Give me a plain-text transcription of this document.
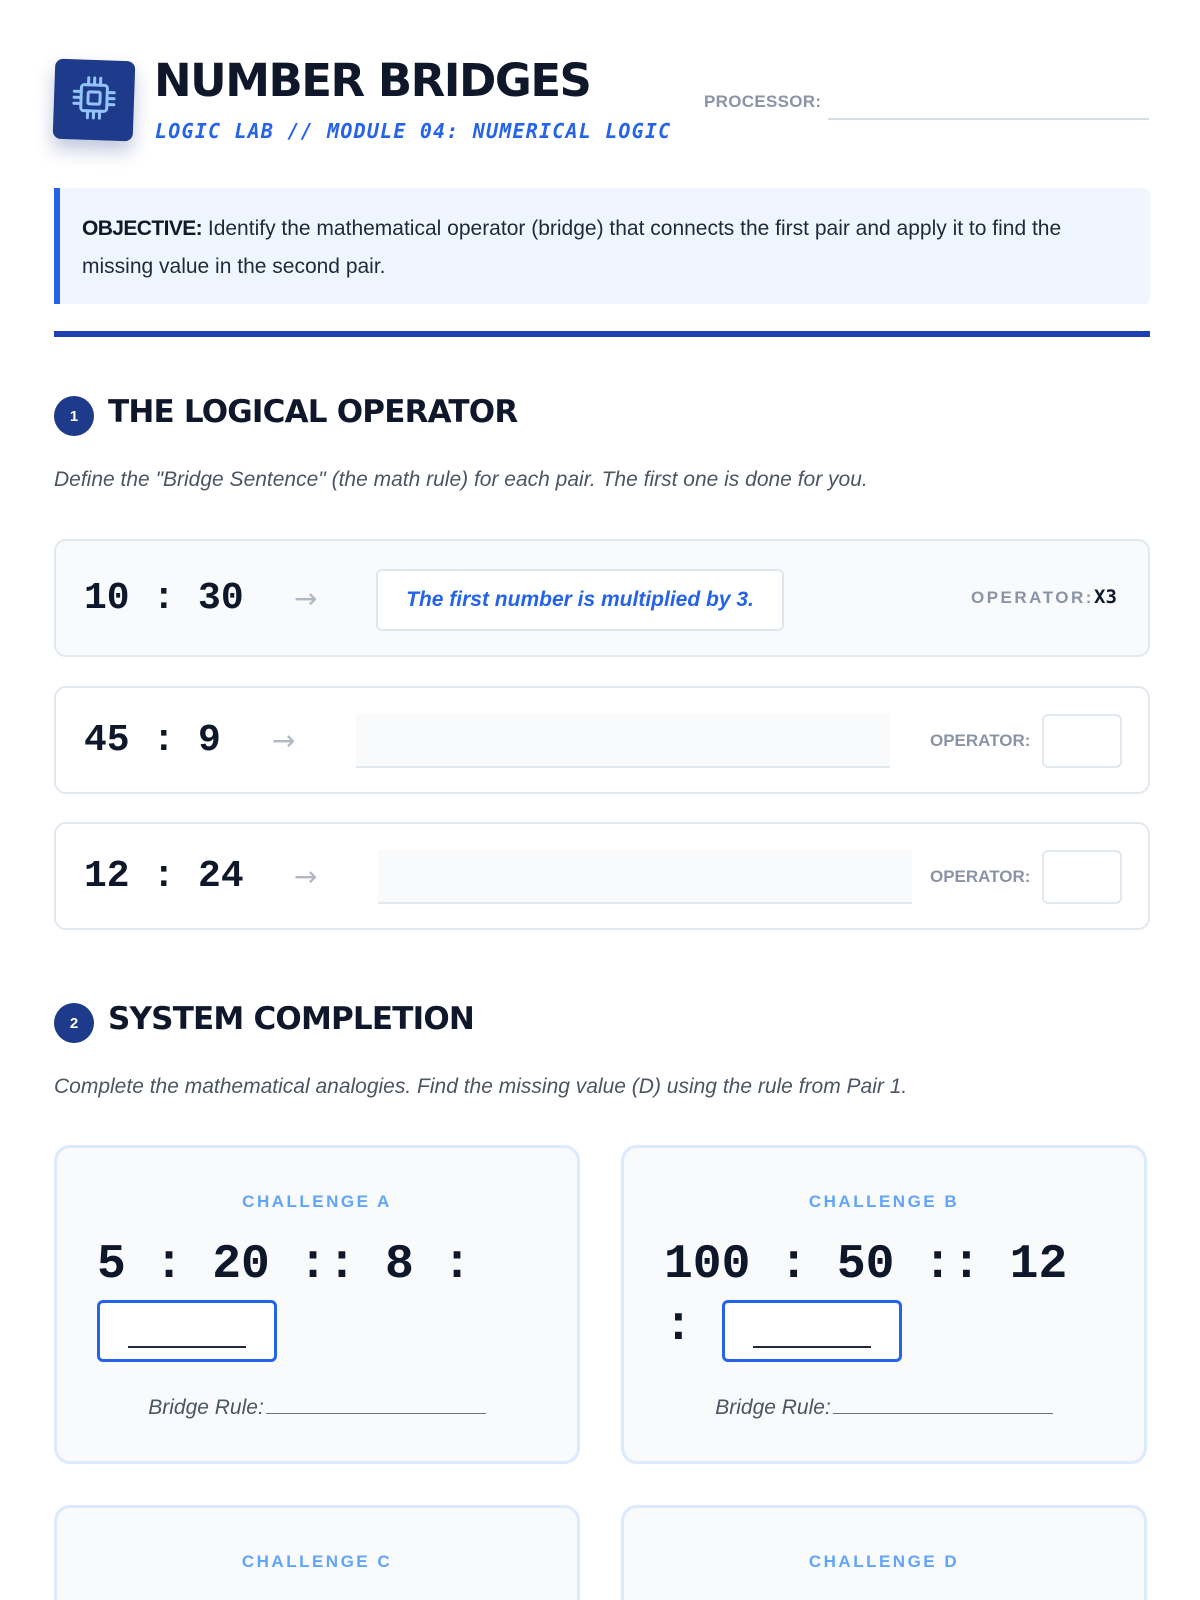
NUMBER BRIDGES
LOGIC LAB // MODULE 04: NUMERICAL LOGIC
PROCESSOR:
OBJECTIVE: Identify the mathematical operator (bridge) that connects the first pair and apply it to find the missing value in the second pair.
1 THE LOGICAL OPERATOR
Define the "Bridge Sentence" (the math rule) for each pair. The first one is done for you.
10 : 30 →	The first number is multiplied by 3.	OPERATOR: X3
45 : 9 →	OPERATOR:
12 : 24 →	OPERATOR:
2 SYSTEM COMPLETION
Complete the mathematical analogies. Find the missing value (D) using the rule from Pair 1.
CHALLENGE A
5 : 20 :: 8 :
Bridge Rule:
CHALLENGE B
100 : 50 :: 12 :
Bridge Rule:
CHALLENGE C	CHALLENGE D
